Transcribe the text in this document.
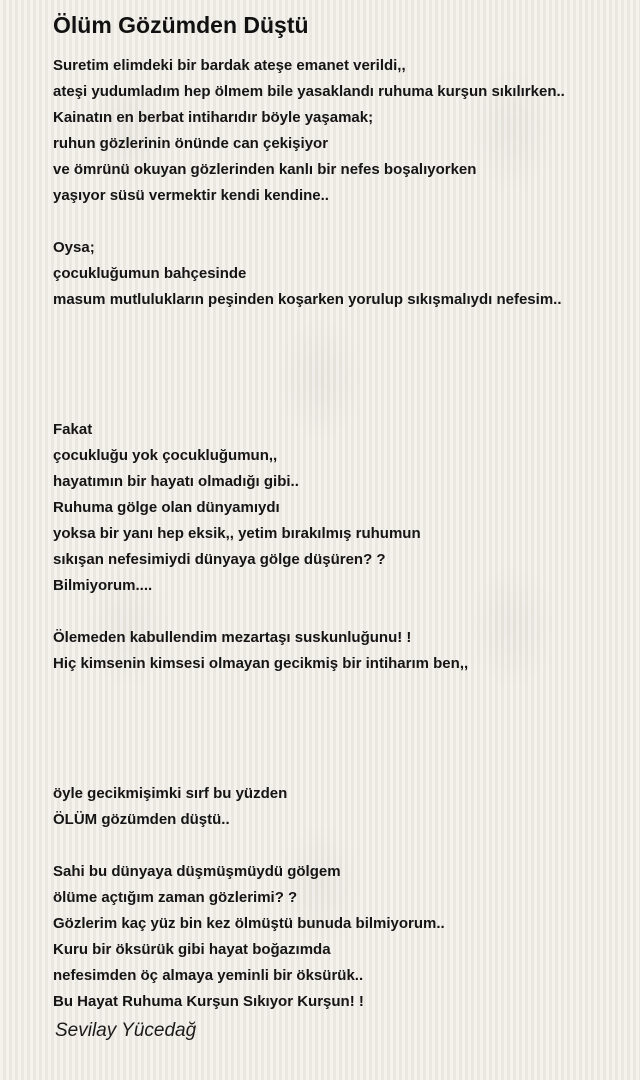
Ölüm Gözümden Düştü
Suretim elimdeki bir bardak ateşe emanet verildi,,
ateşi yudumladım hep ölmem bile yasaklandı ruhuma kurşun sıkılırken..
Kainatın en berbat intiharıdır böyle yaşamak;
ruhun gözlerinin önünde can çekişiyor
ve ömrünü okuyan gözlerinden kanlı bir nefes boşalıyorken
yaşıyor süsü vermektir kendi kendine..
Oysa;
çocukluğumun bahçesinde
masum mutlulukların peşinden koşarken yorulup sıkışmalıydı nefesim..
Fakat
çocukluğu yok çocukluğumun,,
hayatımın bir hayatı olmadığı gibi..
Ruhuma gölge olan dünyamıydı
yoksa bir yanı hep eksik,, yetim bırakılmış ruhumun
sıkışan nefesimiydi dünyaya gölge düşüren? ?
Bilmiyorum....
Ölemeden kabullendim mezartaşı suskunluğunu! !
Hiç kimsenin kimsesi olmayan gecikmiş bir intiharım ben,,
öyle gecikmişimki sırf bu yüzden
ÖLÜM gözümden düştü..
Sahi bu dünyaya düşmüşmüydü gölgem
ölüme açtığım zaman gözlerimi? ?
Gözlerim kaç yüz bin kez ölmüştü bunuda bilmiyorum..
Kuru bir öksürük gibi hayat boğazımda
nefesimden öç almaya yeminli bir öksürük..
Bu Hayat Ruhuma Kurşun Sıkıyor Kurşun! !
Sevilay Yücedağ
